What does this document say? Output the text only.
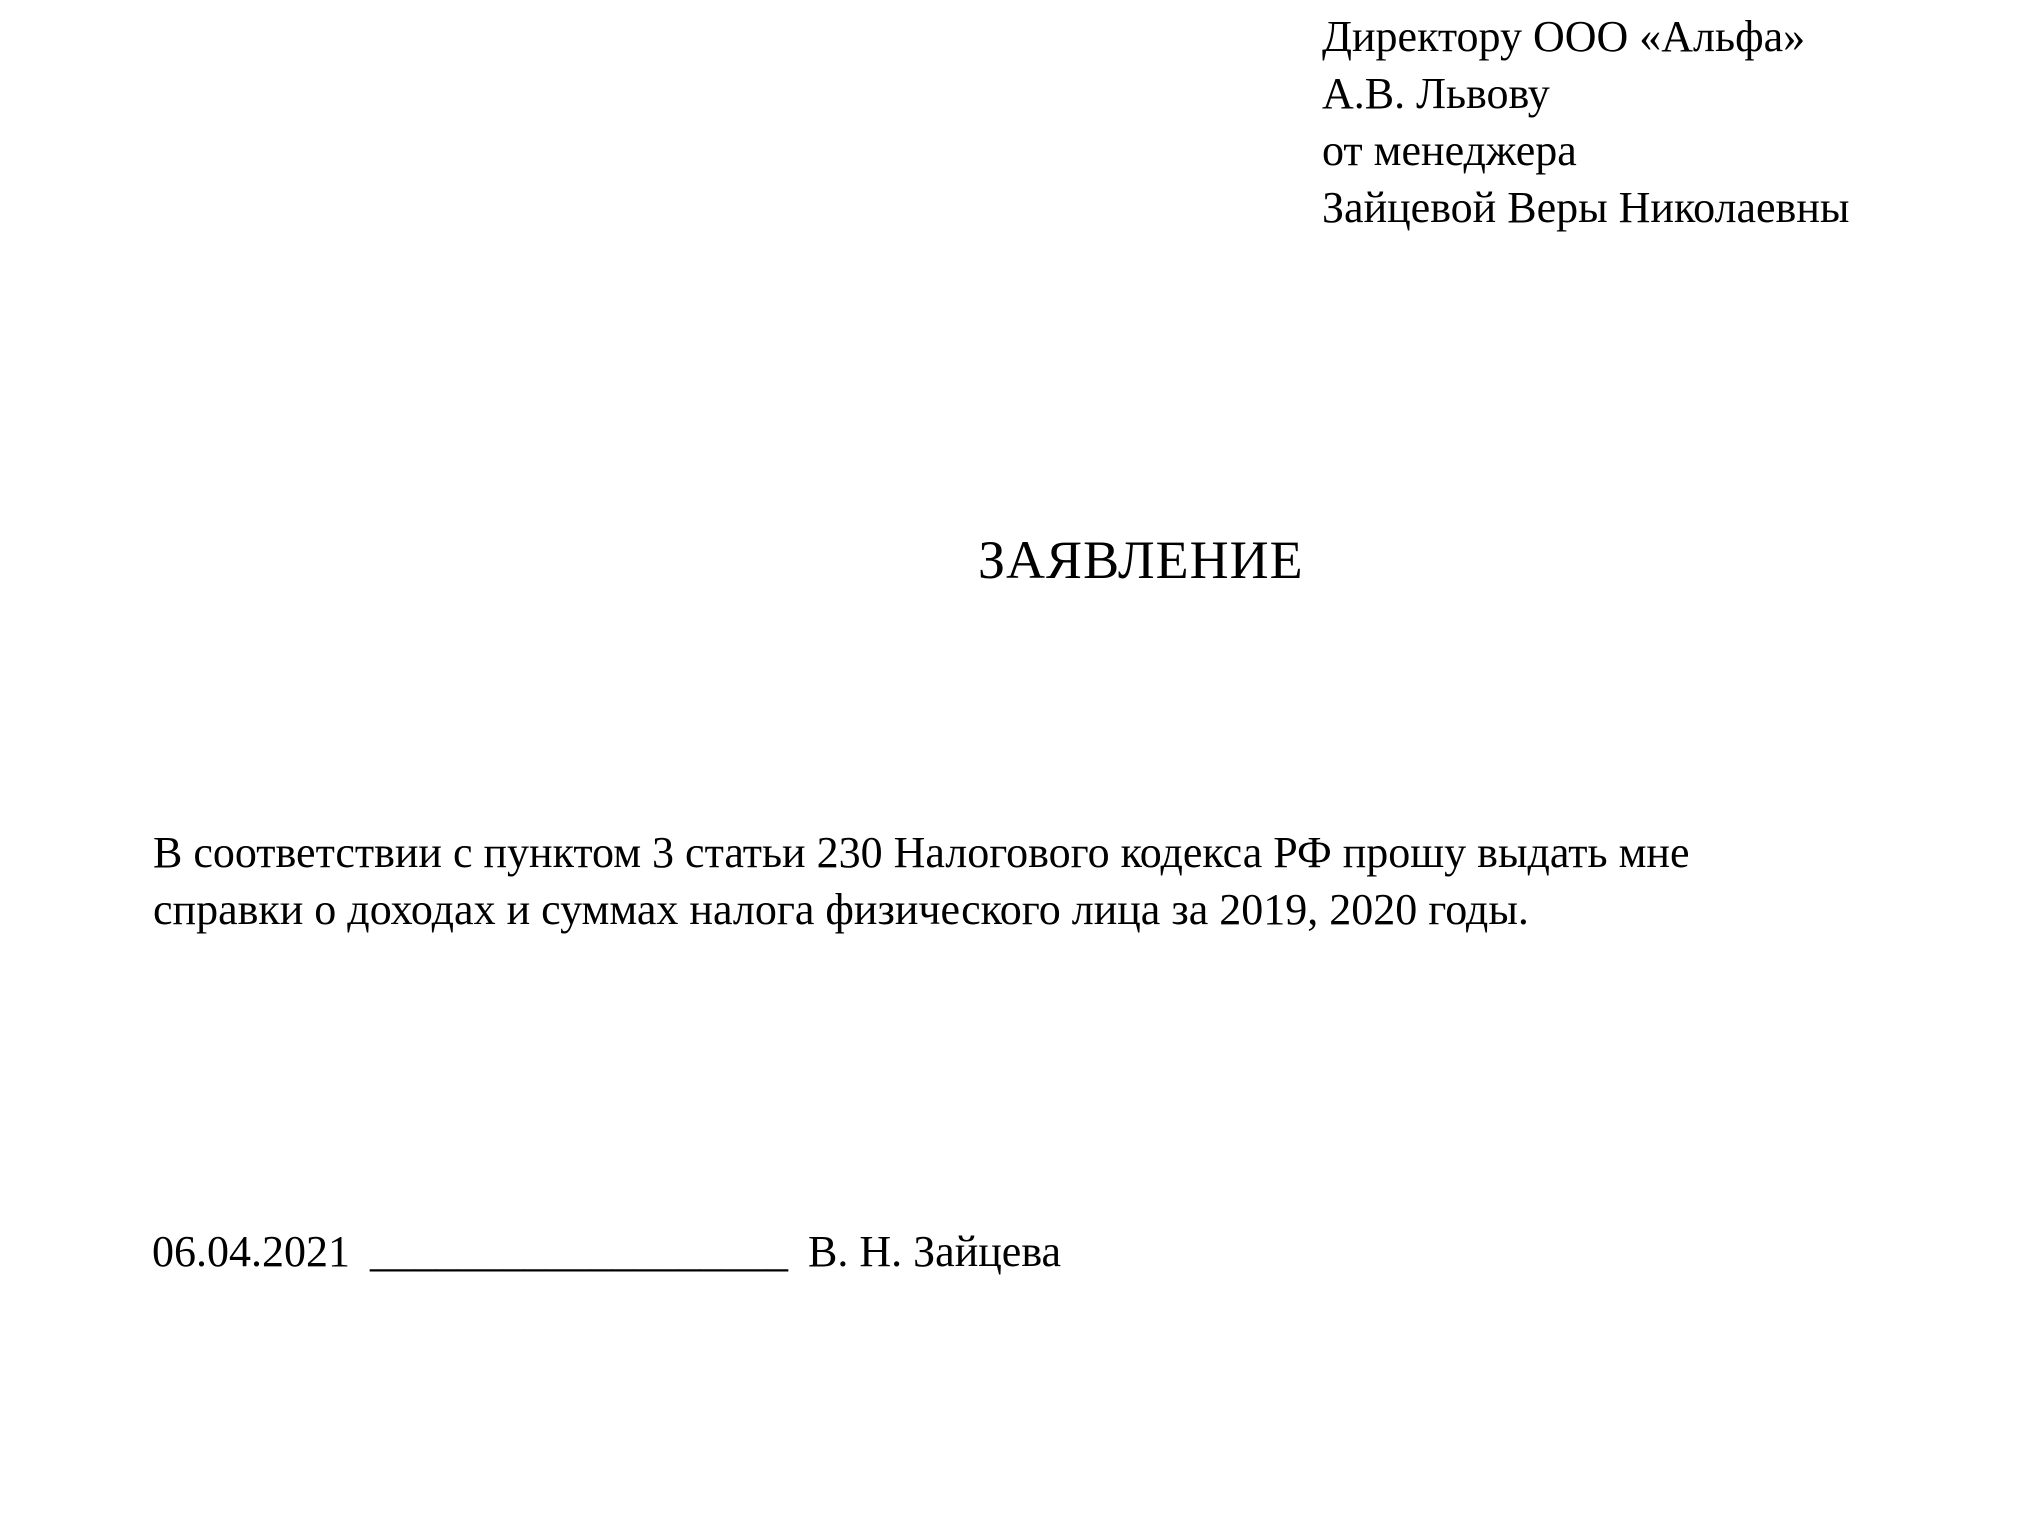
Директору ООО «Альфа»
А.В. Львову
от менеджера
Зайцевой Веры Николаевны
ЗАЯВЛЕНИЕ
В соответствии с пунктом 3 статьи 230 Налогового кодекса РФ прошу выдать мне
справки о доходах и суммах налога физического лица за 2019, 2020 годы.
06.04.2021 ___________________ В. Н. Зайцева
